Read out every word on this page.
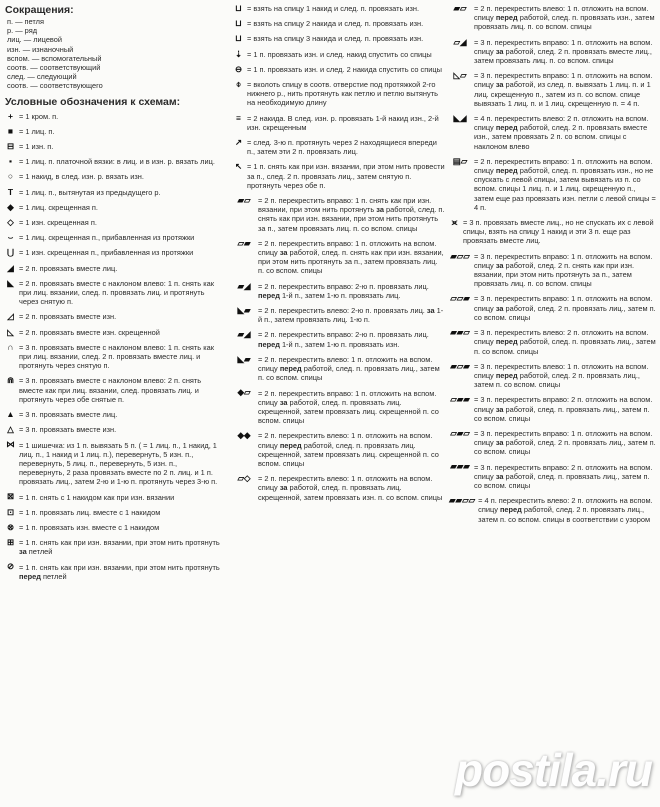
Сокращения:
п. — петля
р. — ряд
лиц. — лицевой
изн. — изнаночный
вспом. — вспомогательный
соотв. — соответствующий
след. — следующий
соотв. — соответствующего
Условные обозначения к схемам:
+ = 1 кром. п.
■ = 1 лиц. п.
⊟ = 1 изн. п.
▪ = 1 лиц. п. платочной вязки: в лиц. и в изн. р. вязать лиц.
○ = 1 накид, в след. изн. р. вязать изн.
T = 1 лиц. п., вытянутая из предыдущего р.
◆ = 1 лиц. скрещенная п.
◇ = 1 изн. скрещенная п.
⌣ = 1 лиц. скрещенная п., прибавленная из протяжки
⋃ = 1 изн. скрещенная п., прибавленная из протяжки
◢ = 2 п. провязать вместе лиц.
◣ = 2 п. провязать вместе с наклоном влево: 1 п. снять как при лиц. вязании, след. п. провязать лиц. и протянуть через снятую п.
◿ = 2 п. провязать вместе изн.
◺ = 2 п. провязать вместе изн. скрещенной
∩ = 3 п. провязать вместе с наклоном влево: 1 п. снять как при лиц. вязании, след. 2 п. провязать вместе лиц. и протянуть через снятую п.
⋒ = 3 п. провязать вместе с наклоном влево: 2 п. снять вместе как при лиц. вязании, след. провязать лиц. и протянуть через обе снятые п.
▲ = 3 п. провязать вместе лиц.
△ = 3 п. провязать вместе изн.
⋈ = 1 шишечка: из 1 п. вывязать 5 п. ( = 1 лиц. п., 1 накид, 1 лиц. п., 1 накид и 1 лиц. п.), перевернуть, 5 изн. п., перевернуть, 5 лиц. п., перевернуть, 5 изн. п., перевернуть, 2 раза провязать вместе по 2 п. лиц. и 1 п. провязать лиц., затем 2-ю и 1-ю п. протянуть через 3-ю п.
⊠ = 1 п. снять с 1 накидом как при изн. вязании
⊡ = 1 п. провязать лиц. вместе с 1 накидом
⊗ = 1 п. провязать изн. вместе с 1 накидом
⊞ = 1 п. снять как при изн. вязании, при этом нить протянуть за петлей
⊘ = 1 п. снять как при изн. вязании, при этом нить протянуть перед петлей
⊔ = взять на спицу 1 накид и след. п. провязать изн.
⊔ = взять на спицу 2 накида и след. п. провязать изн.
⊔ = взять на спицу 3 накида и след. п. провязать изн.
⇣ = 1 п. провязать изн. и след. накид спустить со спицы
⊖ = 1 п. провязать изн. и след. 2 накида спустить со спицы
⌽ = вколоть спицу в соотв. отверстие под протяжкой 2-го нижнего р., нить протянуть как петлю и петлю вытянуть на необходимую длину
≡ = 2 накида. В след. изн. р. провязать 1-й накид изн., 2-й изн. скрещенным
↗ = след. 3-ю п. протянуть через 2 находящиеся впереди п., затем эти 2 п. провязать лиц.
↖ = 1 п. снять как при изн. вязании, при этом нить провести за п., след. 2 п. провязать лиц., затем снятую п. протянуть через обе п.
▰▱	= 2 п. перекрестить вправо: 1 п. снять как при изн. вязании, при этом нить протянуть за работой, след. п. снять как при изн. вязании, при этом нить протянуть за п., затем провязать лиц. п. со вспом. спицы
▱▰	= 2 п. перекрестить вправо: 1 п. отложить на вспом. спицу за работой, след. п. снять как при изн. вязании, при этом нить протянуть за п., затем провязать лиц. п. со вспом. спицы
▰◢	= 2 п. перекрестить вправо: 2-ю п. провязать лиц. перед 1-й п., затем 1-ю п. провязать лиц.
◣▰	= 2 п. перекрестить влево: 2-ю п. провязать лиц. за 1-й п., затем провязать лиц. 1-ю п.
▰◢	= 2 п. перекрестить вправо: 2-ю п. провязать лиц. перед 1-й п., затем 1-ю п. провязать изн.
◣▰	= 2 п. перекрестить влево: 1 п. отложить на вспом. спицу перед работой, след. п. провязать лиц., затем п. со вспом. спицы
◆▱	= 2 п. перекрестить вправо: 1 п. отложить на вспом. спицу за работой, след. п. провязать лиц. скрещенной, затем провязать лиц. скрещенной п. со вспом. спицы
◆◆	= 2 п. перекрестить влево: 1 п. отложить на вспом. спицу перед работой, след. п. провязать лиц. скрещенной, затем провязать лиц. скрещенной п. со вспом. спицы
▱◇	= 2 п. перекрестить влево: 1 п. отложить на вспом. спицу за работой, след. п. провязать лиц. скрещенной, затем провязать изн. п. со вспом. спицы
▰▱	= 2 п. перекрестить влево: 1 п. отложить на вспом. спицу перед работой, след. п. провязать изн., затем провязать лиц. п. со вспом. спицы
▱◢	= 3 п. перекрестить вправо: 1 п. отложить на вспом. спицу за работой, след. 2 п. провязать вместе лиц., затем провязать лиц. п. со вспом. спицы
◺▱	= 3 п. перекрестить вправо: 1 п. отложить на вспом. спицу за работой, из след. п. вывязать 1 лиц. п. и 1 лиц. скрещенную п., затем из п. со вспом. спице вывязать 1 лиц. п. и 1 лиц. скрещенную п. = 4 п.
◣◢	= 4 п. перекрестить влево: 2 п. отложить на вспом. спицу перед работой, след. 2 п. провязать вместе изн., затем провязать 2 п. со вспом. спицы с наклоном влево
▤▱ = 2 п. перекрестить вправо: 1 п. отложить на вспом. спицу перед работой, след. п. провязать изн., но не спускать с левой спицы, затем вывязать из п. со вспом. спицы 1 лиц. п. и 1 лиц. скрещенную п., затем еще раз провязать изн. петли с левой спицы = 4 п.
⪤ = 3 п. провязать вместе лиц., но не спускать их с левой спицы, взять на спицу 1 накид и эти 3 п. еще раз провязать вместе лиц.
▰▱▱ = 3 п. перекрестить вправо: 1 п. отложить на вспом. спицу за работой, след. 2 п. снять как при изн. вязании, при этом нить протянуть за п., затем провязать лиц. п. со вспом. спицы
▱▱▰ = 3 п. перекрестить вправо: 1 п. отложить на вспом. спицу за работой, след. 2 п. провязать лиц., затем п. со вспом. спицы
▰▰▱ = 3 п. перекрестить влево: 2 п. отложить на вспом. спицу перед работой, след. п. провязать лиц., затем п. со вспом. спицы
▰▱▰ = 3 п. перекрестить влево: 1 п. отложить на вспом. спицу перед работой, след. 2 п. провязать лиц., затем п. со вспом. спицы
▱▰▰ = 3 п. перекрестить вправо: 2 п. отложить на вспом. спицу за работой, след. п. провязать лиц., затем п. со вспом. спицы
▱▰▱ = 3 п. перекрестить вправо: 1 п. отложить на вспом. спицу за работой, след. 2 п. провязать лиц., затем п. со вспом. спицы
▰▰▰ = 3 п. перекрестить вправо: 2 п. отложить на вспом. спицу за работой, след. п. провязать лиц., затем п. со вспом. спицы
▰▰▱▱ = 4 п. перекрестить влево: 2 п. отложить на вспом. спицу перед работой, след. 2 п. провязать лиц., затем п. со вспом. спицы в соответствии с узором
postila.ru
